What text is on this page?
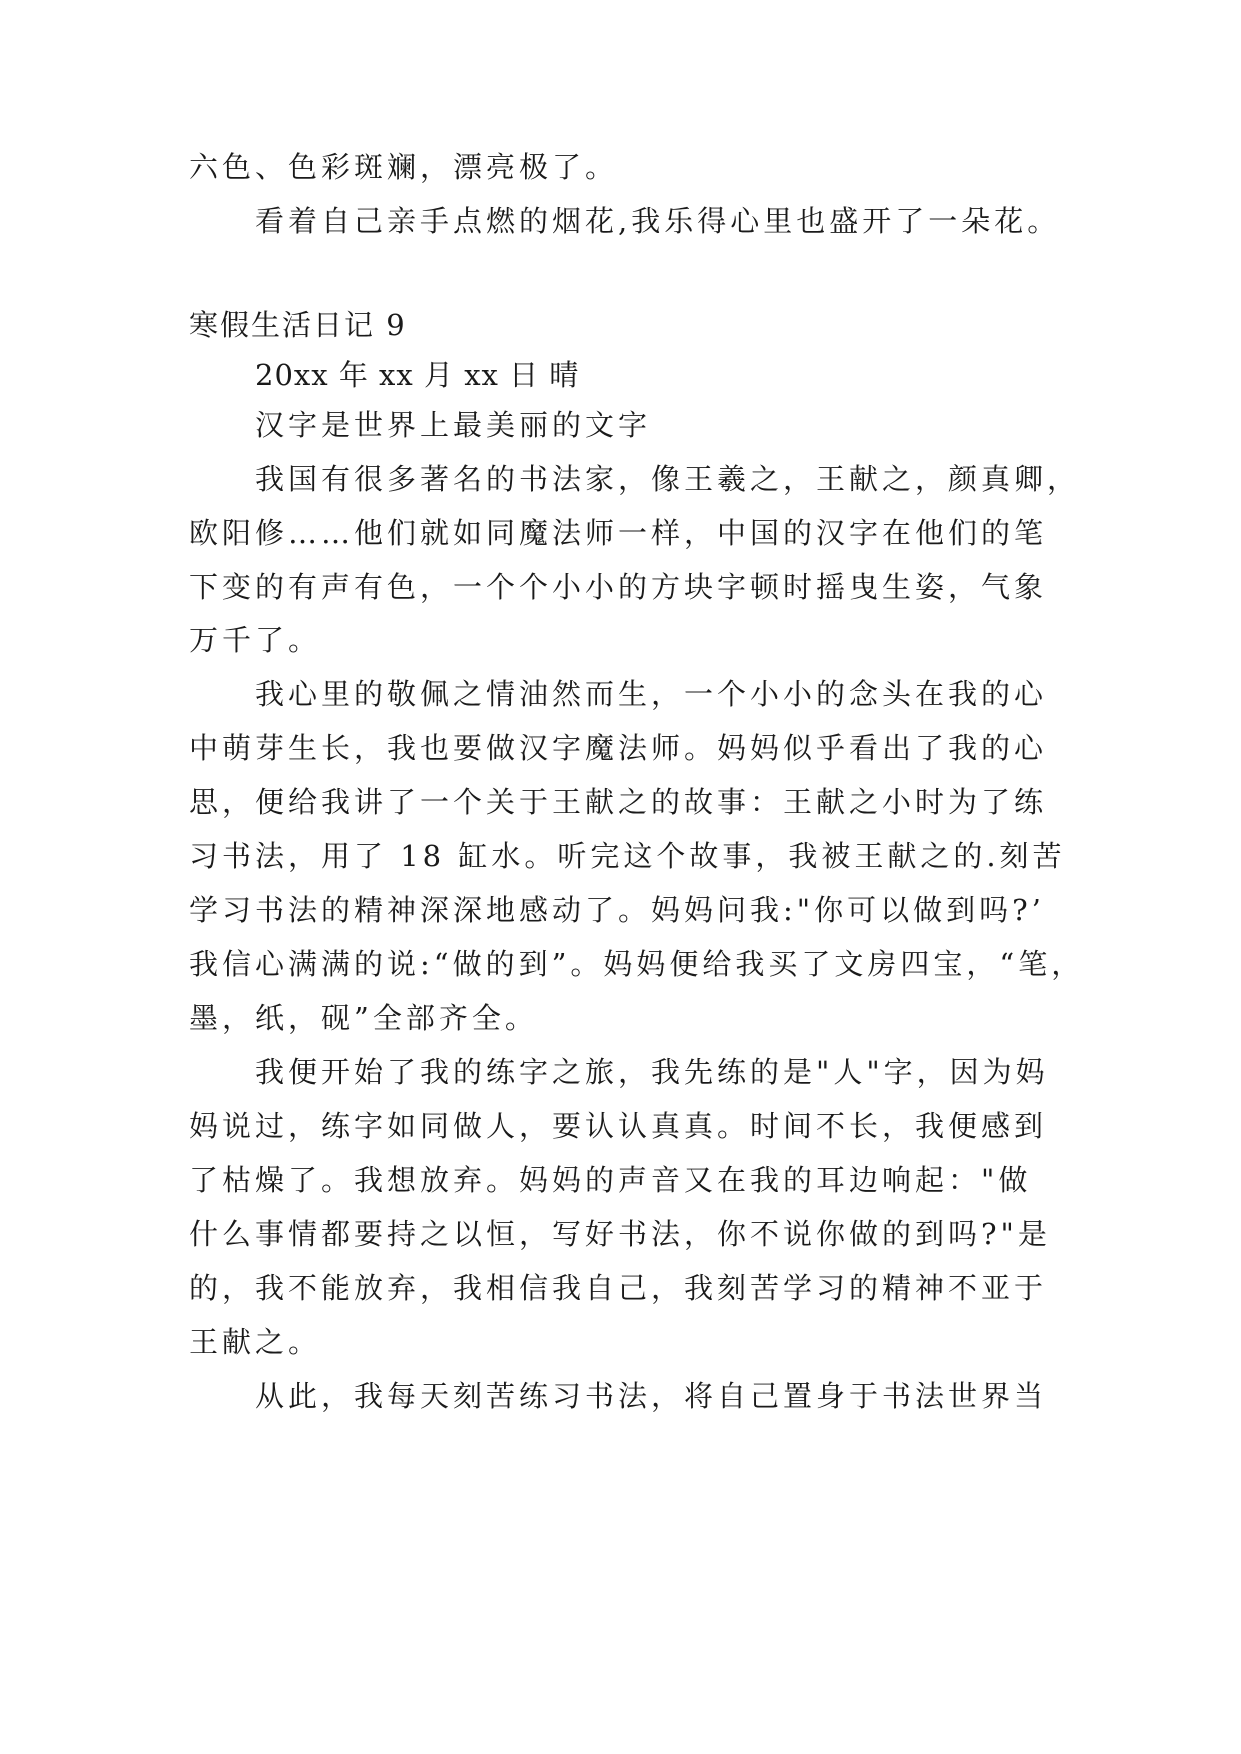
六色、色彩斑斓，漂亮极了。
看着自己亲手点燃的烟花,我乐得心里也盛开了一朵花。
寒假生活日记 9
20xx 年 xx 月 xx 日 晴
汉字是世界上最美丽的文字
我国有很多著名的书法家，像王羲之，王献之，颜真卿，
欧阳修……他们就如同魔法师一样，中国的汉字在他们的笔
下变的有声有色，一个个小小的方块字顿时摇曳生姿，气象
万千了。
我心里的敬佩之情油然而生，一个小小的念头在我的心
中萌芽生长，我也要做汉字魔法师。妈妈似乎看出了我的心
思，便给我讲了一个关于王献之的故事：王献之小时为了练
习书法，用了 18 缸水。听完这个故事，我被王献之的.刻苦
学习书法的精神深深地感动了。妈妈问我:"你可以做到吗?’
我信心满满的说:“做的到”。妈妈便给我买了文房四宝，“笔，
墨，纸，砚”全部齐全。
我便开始了我的练字之旅，我先练的是"人"字，因为妈
妈说过，练字如同做人，要认认真真。时间不长，我便感到
了枯燥了。我想放弃。妈妈的声音又在我的耳边响起："做
什么事情都要持之以恒，写好书法，你不说你做的到吗?"是
的，我不能放弃，我相信我自己，我刻苦学习的精神不亚于
王献之。
从此，我每天刻苦练习书法，将自己置身于书法世界当
